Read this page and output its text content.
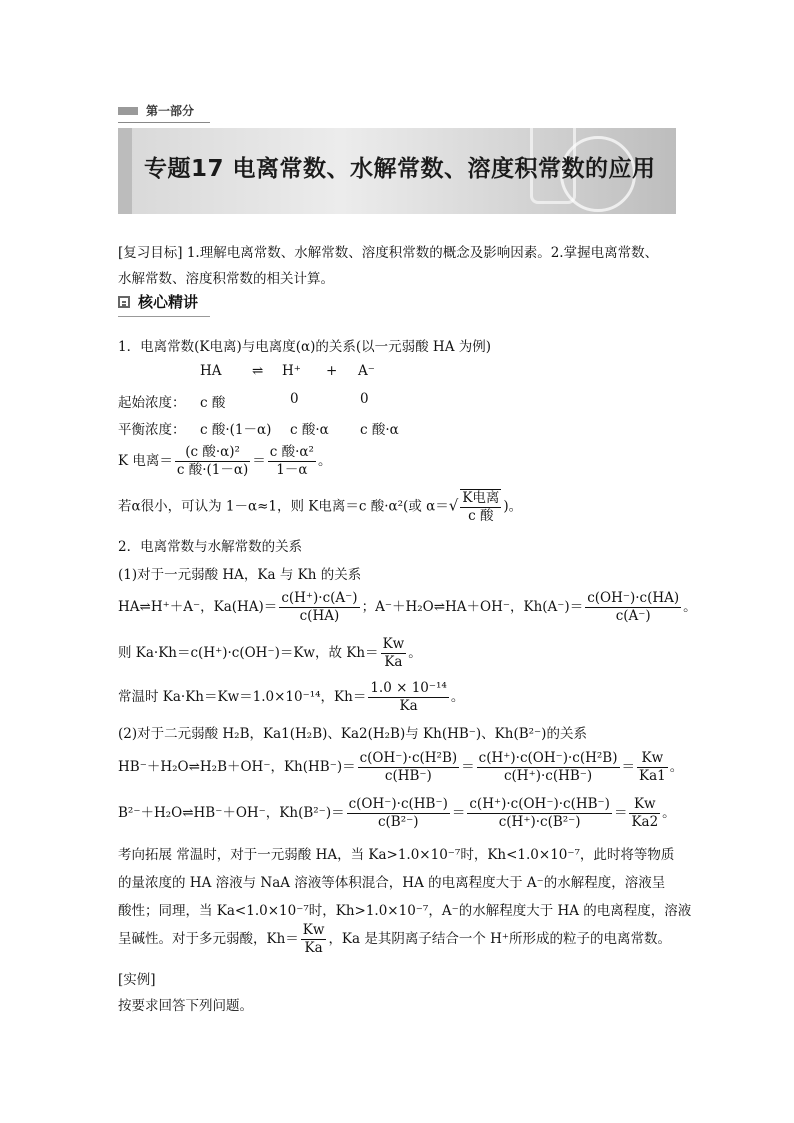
第一部分
专题17 电离常数、水解常数、溶度积常数的应用
[复习目标] 1.理解电离常数、水解常数、溶度积常数的概念及影响因素。2.掌握电离常数、
水解常数、溶度积常数的相关计算。
核心精讲
1．电离常数(K电离)与电离度(α)的关系(以一元弱酸 HA 为例)
HA ⇌ H⁺ + A⁻
起始浓度： c 酸	0	0
平衡浓度： c 酸·(1－α) c 酸·α c 酸·α
K 电离＝ $\frac{\text{(c 酸·α)²}}{\text{c 酸·(1－α)}} = \frac{\text{c 酸·α²}}{1-\alpha}$ 。
若α很小，可认为 1－α≈1，则 K电离＝c 酸·α²(或 $\alpha=√ \frac{\text{K电离}}{\text{c 酸}}$ )。
2．电离常数与水解常数的关系
(1)对于一元弱酸 HA，Ka 与 Kh 的关系
HA⇌H⁺＋A⁻，$Ka(HA)= \frac{c(H^+)\cdot c(A^-)}{c(HA)}$ ；A⁻＋H₂O⇌HA＋OH⁻，$Kh(A^-)= \frac{c(OH^-)\cdot c(HA)}{c(A^-)}$ 。
则 Ka·Kh＝c(H⁺)·c(OH⁻)＝Kw，故 $Kh= \frac{Kw}{Ka}$ 。
常温时 Ka·Kh＝Kw＝1.0×10⁻¹⁴，$Kh= \frac{\text{1.0 × 10⁻¹⁴}}{Ka}$ 。
(2)对于二元弱酸 H₂B，Ka1(H₂B)、Ka2(H₂B)与 Kh(HB⁻)、Kh(B²⁻)的关系
HB⁻＋H₂O⇌H₂B＋OH⁻，$Kh(HB^-)= \frac{\text{c(OH⁻)·c(H²B)}}{c(HB^-)} = \frac{\text{c(H⁺)·c(OH⁻)·c(H²B)}}{c(H^+)\cdot c(HB^-)} = \frac{Kw}{Ka1}$ 。
B²⁻＋H₂O⇌HB⁻＋OH⁻，$Kh(B^{2-})= \frac{c(OH^-)\cdot c(HB^-)}{\text{c(B²⁻)}} = \frac{c(H^+)\cdot c(OH^-)\cdot c(HB^-)}{\text{c(H⁺)·c(B²⁻)}} = \frac{Kw}{Ka2}$ 。
考向拓展 常温时，对于一元弱酸 HA，当 Ka>1.0×10⁻⁷时，Kh<1.0×10⁻⁷，此时将等物质
的量浓度的 HA 溶液与 NaA 溶液等体积混合，HA 的电离程度大于 A⁻的水解程度，溶液呈
酸性；同理，当 Ka<1.0×10⁻⁷时，Kh>1.0×10⁻⁷，A⁻的水解程度大于 HA 的电离程度，溶液
呈碱性。对于多元弱酸，$Kh= \frac{Kw}{Ka}$ ，Ka 是其阴离子结合一个 H⁺所形成的粒子的电离常数。
[实例]
按要求回答下列问题。
